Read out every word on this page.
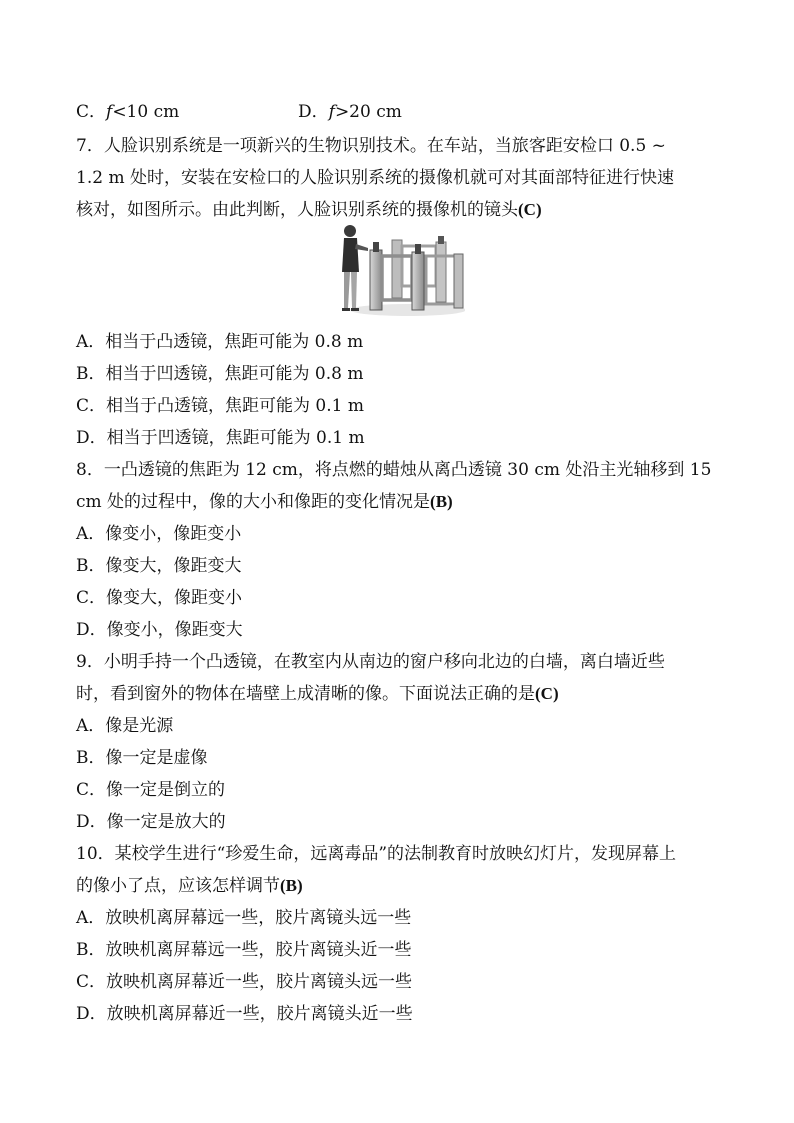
C．f<10 cm	D．f>20 cm
7．人脸识别系统是一项新兴的生物识别技术。在车站，当旅客距安检口 0.5 ~
1.2 m 处时，安装在安检口的人脸识别系统的摄像机就可对其面部特征进行快速
核对，如图所示。由此判断，人脸识别系统的摄像机的镜头(C)
A．相当于凸透镜，焦距可能为 0.8 m
B．相当于凹透镜，焦距可能为 0.8 m
C．相当于凸透镜，焦距可能为 0.1 m
D．相当于凹透镜，焦距可能为 0.1 m
8．一凸透镜的焦距为 12 cm，将点燃的蜡烛从离凸透镜 30 cm 处沿主光轴移到 15
cm 处的过程中，像的大小和像距的变化情况是(B)
A．像变小，像距变小
B．像变大，像距变大
C．像变大，像距变小
D．像变小，像距变大
9．小明手持一个凸透镜，在教室内从南边的窗户移向北边的白墙，离白墙近些
时，看到窗外的物体在墙壁上成清晰的像。下面说法正确的是(C)
A．像是光源
B．像一定是虚像
C．像一定是倒立的
D．像一定是放大的
10．某校学生进行“珍爱生命，远离毒品”的法制教育时放映幻灯片，发现屏幕上
的像小了点，应该怎样调节(B)
A．放映机离屏幕远一些，胶片离镜头远一些
B．放映机离屏幕远一些，胶片离镜头近一些
C．放映机离屏幕近一些，胶片离镜头远一些
D．放映机离屏幕近一些，胶片离镜头近一些
